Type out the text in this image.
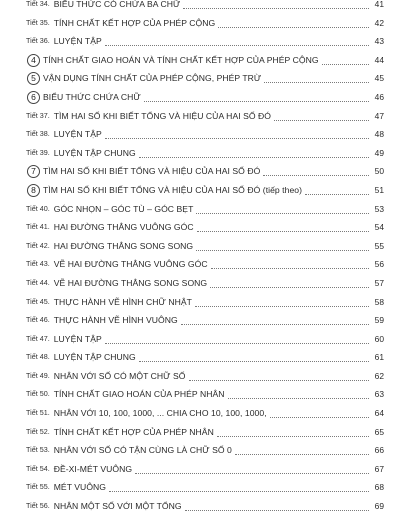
Tiết 34. BIỂU THỨC CÓ CHỨA BA CHỮ	41
Tiết 35. TÍNH CHẤT KẾT HỢP CỦA PHÉP CỘNG	42
Tiết 36. LUYỆN TẬP	43
4 TÍNH CHẤT GIAO HOÁN VÀ TÍNH CHẤT KẾT HỢP CỦA PHÉP CỘNG	44
5 VẬN DỤNG TÍNH CHẤT CỦA PHÉP CỘNG, PHÉP TRỪ	45
6 BIỂU THỨC CHỨA CHỮ	46
Tiết 37. TÌM HAI SỐ KHI BIẾT TỔNG VÀ HIỆU CỦA HAI SỐ ĐÓ	47
Tiết 38. LUYỆN TẬP	48
Tiết 39. LUYỆN TẬP CHUNG	49
7 TÌM HAI SỐ KHI BIẾT TỔNG VÀ HIỆU CỦA HAI SỐ ĐÓ	50
8 TÌM HAI SỐ KHI BIẾT TỔNG VÀ HIỆU CỦA HAI SỐ ĐÓ (tiếp theo)	51
Tiết 40. GÓC NHỌN – GÓC TÙ – GÓC BẸT	53
Tiết 41. HAI ĐƯỜNG THẲNG VUÔNG GÓC	54
Tiết 42. HAI ĐƯỜNG THẲNG SONG SONG	55
Tiết 43. VẼ HAI ĐƯỜNG THẲNG VUÔNG GÓC	56
Tiết 44. VẼ HAI ĐƯỜNG THẲNG SONG SONG	57
Tiết 45. THỰC HÀNH VẼ HÌNH CHỮ NHẬT	58
Tiết 46. THỰC HÀNH VẼ HÌNH VUÔNG	59
Tiết 47. LUYỆN TẬP	60
Tiết 48. LUYỆN TẬP CHUNG	61
Tiết 49. NHÂN VỚI SỐ CÓ MỘT CHỮ SỐ	62
Tiết 50. TÍNH CHẤT GIAO HOÁN CỦA PHÉP NHÂN	63
Tiết 51. NHÂN VỚI 10, 100, 1000, ... CHIA CHO 10, 100, 1000,	64
Tiết 52. TÍNH CHẤT KẾT HỢP CỦA PHÉP NHÂN	65
Tiết 53. NHÂN VỚI SỐ CÓ TẬN CÙNG LÀ CHỮ SỐ 0	66
Tiết 54. ĐỀ-XI-MÉT VUÔNG	67
Tiết 55. MÉT VUÔNG	68
Tiết 56. NHÂN MỘT SỐ VỚI MỘT TỔNG	69
